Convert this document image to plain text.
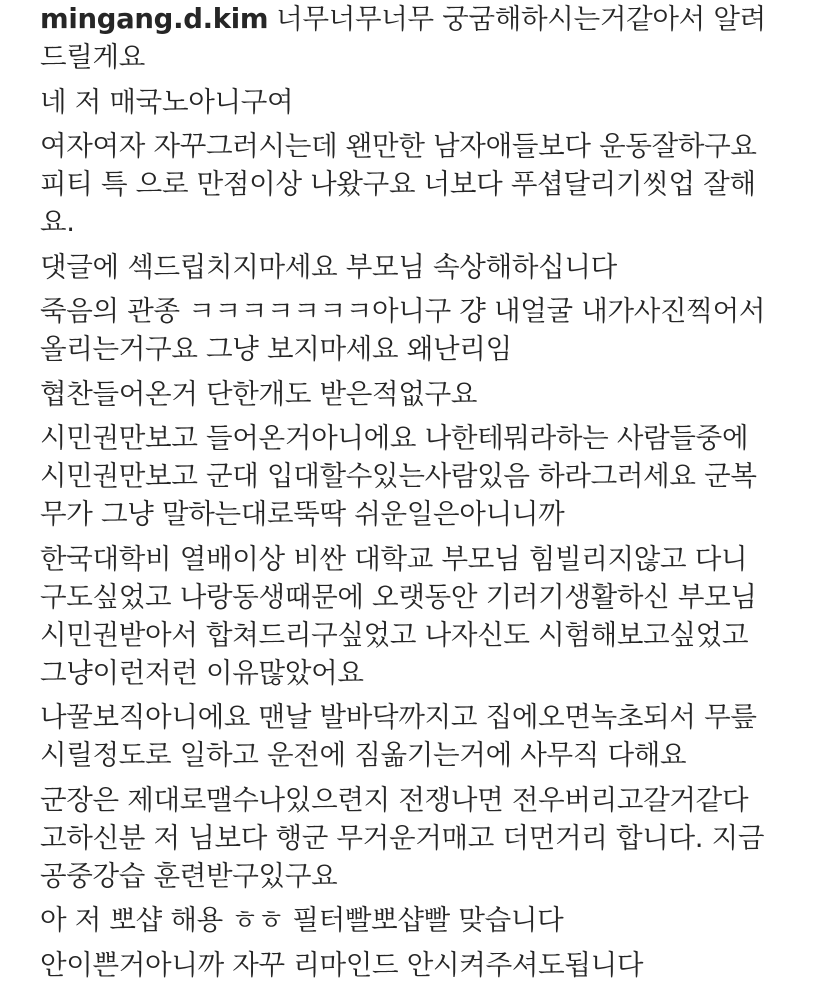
mingang.d.kim 너무너무너무 궁굼해하시는거같아서 알려
드릴게요
네 저 매국노아니구여
여자여자 자꾸그러시는데 왠만한 남자애들보다 운동잘하구요
피티 특 으로 만점이상 나왔구요 너보다 푸셥달리기씻업 잘해
요.
댓글에 섹드립치지마세요 부모님 속상해하십니다
죽음의 관종 ㅋㅋㅋㅋㅋㅋㅋ아니구 걍 내얼굴 내가사진찍어서
올리는거구요 그냥 보지마세요 왜난리임
협찬들어온거 단한개도 받은적없구요
시민권만보고 들어온거아니에요 나한테뭐라하는 사람들중에
시민권만보고 군대 입대할수있는사람있음 하라그러세요 군복
무가 그냥 말하는대로뚝딱 쉬운일은아니니까
한국대학비 열배이상 비싼 대학교 부모님 힘빌리지않고 다니
구도싶었고 나랑동생때문에 오랫동안 기러기생활하신 부모님
시민권받아서 합쳐드리구싶었고 나자신도 시험해보고싶었고
그냥이런저런 이유많았어요
나꿀보직아니에요 맨날 발바닥까지고 집에오면녹초되서 무릎
시릴정도로 일하고 운전에 짐옮기는거에 사무직 다해요
군장은 제대로맬수나있으련지 전쟁나면 전우버리고갈거같다
고하신분 저 님보다 행군 무거운거매고 더먼거리 합니다. 지금
공중강습 훈련받구있구요
아 저 뽀샵 해용 ㅎㅎ 필터빨뽀샵빨 맞습니다
안이쁜거아니까 자꾸 리마인드 안시켜주셔도됩니다
